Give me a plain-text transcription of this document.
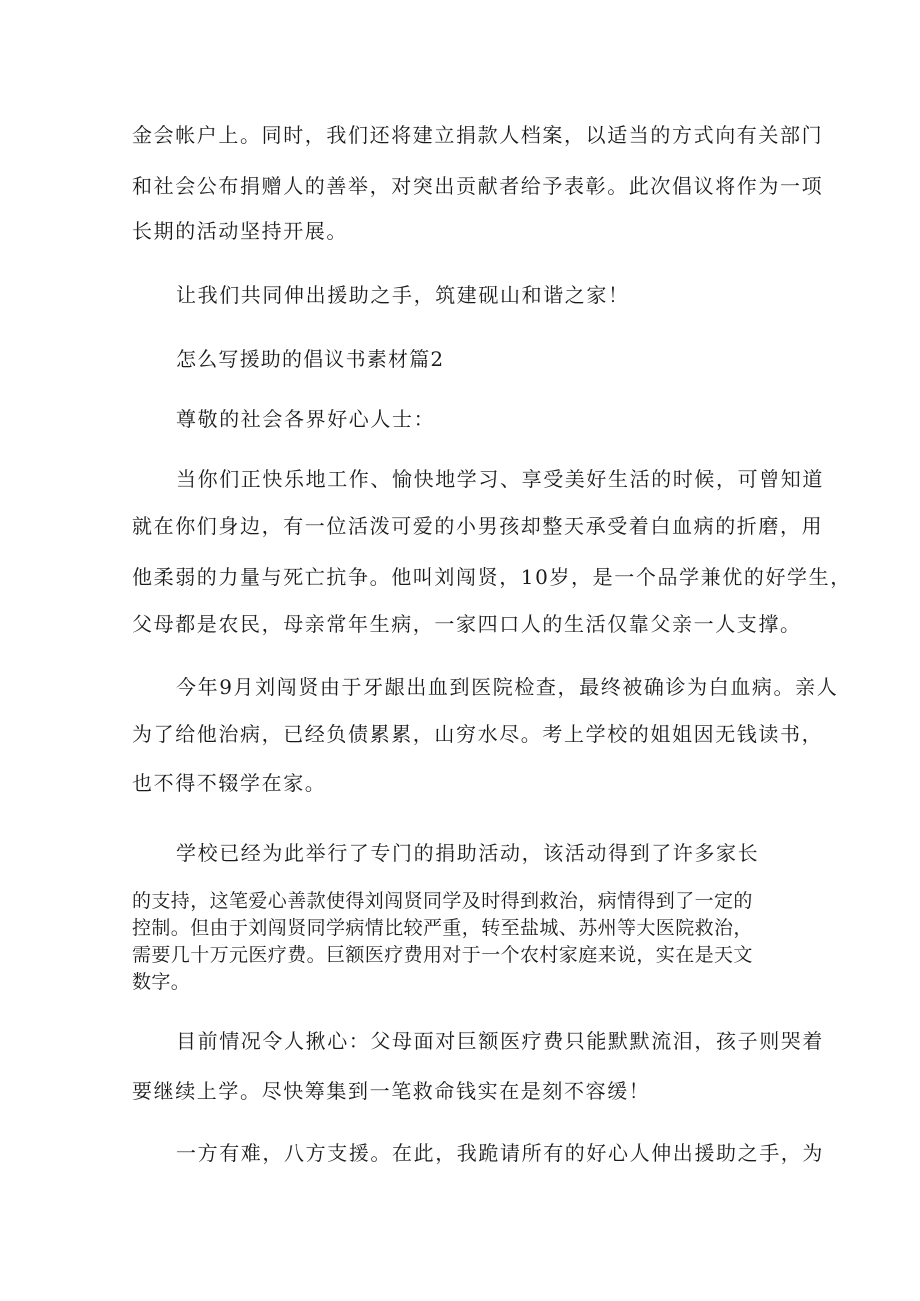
金会帐户上。同时，我们还将建立捐款人档案，以适当的方式向有关部门

和社会公布捐赠人的善举，对突出贡献者给予表彰。此次倡议将作为一项

长期的活动坚持开展。

让我们共同伸出援助之手，筑建砚山和谐之家！

怎么写援助的倡议书素材篇2

尊敬的社会各界好心人士：

当你们正快乐地工作、愉快地学习、享受美好生活的时候，可曾知道

就在你们身边，有一位活泼可爱的小男孩却整天承受着白血病的折磨，用

他柔弱的力量与死亡抗争。他叫刘闯贤，10岁，是一个品学兼优的好学生，

父母都是农民，母亲常年生病，一家四口人的生活仅靠父亲一人支撑。

今年9月刘闯贤由于牙龈出血到医院检查，最终被确诊为白血病。亲人

为了给他治病，已经负债累累，山穷水尽。考上学校的姐姐因无钱读书，

也不得不辍学在家。

学校已经为此举行了专门的捐助活动，该活动得到了许多家长

的支持，这笔爱心善款使得刘闯贤同学及时得到救治，病情得到了一定的

控制。但由于刘闯贤同学病情比较严重，转至盐城、苏州等大医院救治，

需要几十万元医疗费。巨额医疗费用对于一个农村家庭来说，实在是天文

数字。

目前情况令人揪心：父母面对巨额医疗费只能默默流泪，孩子则哭着

要继续上学。尽快筹集到一笔救命钱实在是刻不容缓！

一方有难，八方支援。在此，我跪请所有的好心人伸出援助之手，为
